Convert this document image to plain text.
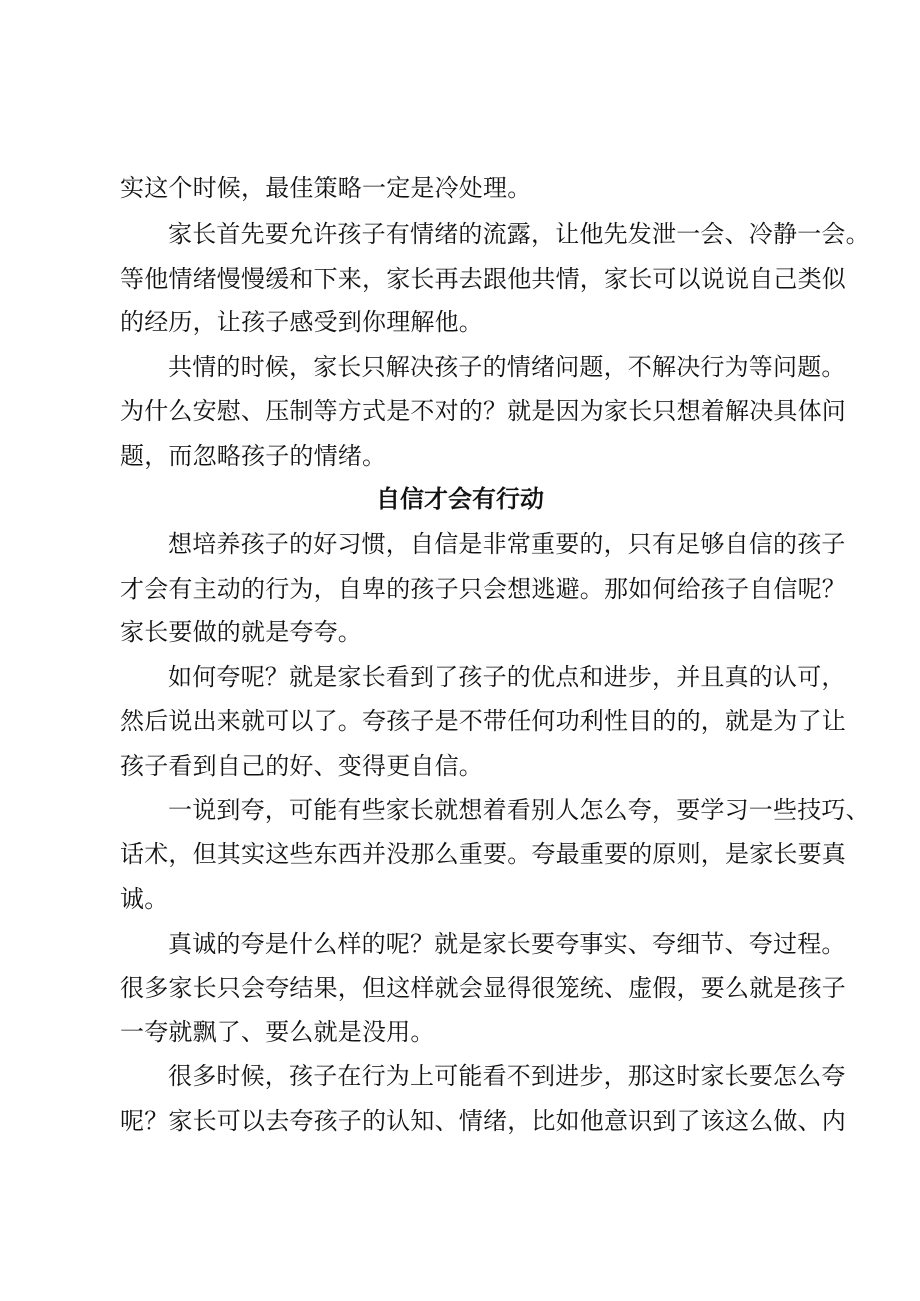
实这个时候，最佳策略一定是冷处理。
家长首先要允许孩子有情绪的流露，让他先发泄一会、冷静一会。
等他情绪慢慢缓和下来，家长再去跟他共情，家长可以说说自己类似
的经历，让孩子感受到你理解他。
共情的时候，家长只解决孩子的情绪问题，不解决行为等问题。
为什么安慰、压制等方式是不对的？就是因为家长只想着解决具体问
题，而忽略孩子的情绪。
自信才会有行动
想培养孩子的好习惯，自信是非常重要的，只有足够自信的孩子
才会有主动的行为，自卑的孩子只会想逃避。那如何给孩子自信呢？
家长要做的就是夸夸。
如何夸呢？就是家长看到了孩子的优点和进步，并且真的认可，
然后说出来就可以了。夸孩子是不带任何功利性目的的，就是为了让
孩子看到自己的好、变得更自信。
一说到夸，可能有些家长就想着看别人怎么夸，要学习一些技巧、
话术，但其实这些东西并没那么重要。夸最重要的原则，是家长要真
诚。
真诚的夸是什么样的呢？就是家长要夸事实、夸细节、夸过程。
很多家长只会夸结果，但这样就会显得很笼统、虚假，要么就是孩子
一夸就飘了、要么就是没用。
很多时候，孩子在行为上可能看不到进步，那这时家长要怎么夸
呢？家长可以去夸孩子的认知、情绪，比如他意识到了该这么做、内
